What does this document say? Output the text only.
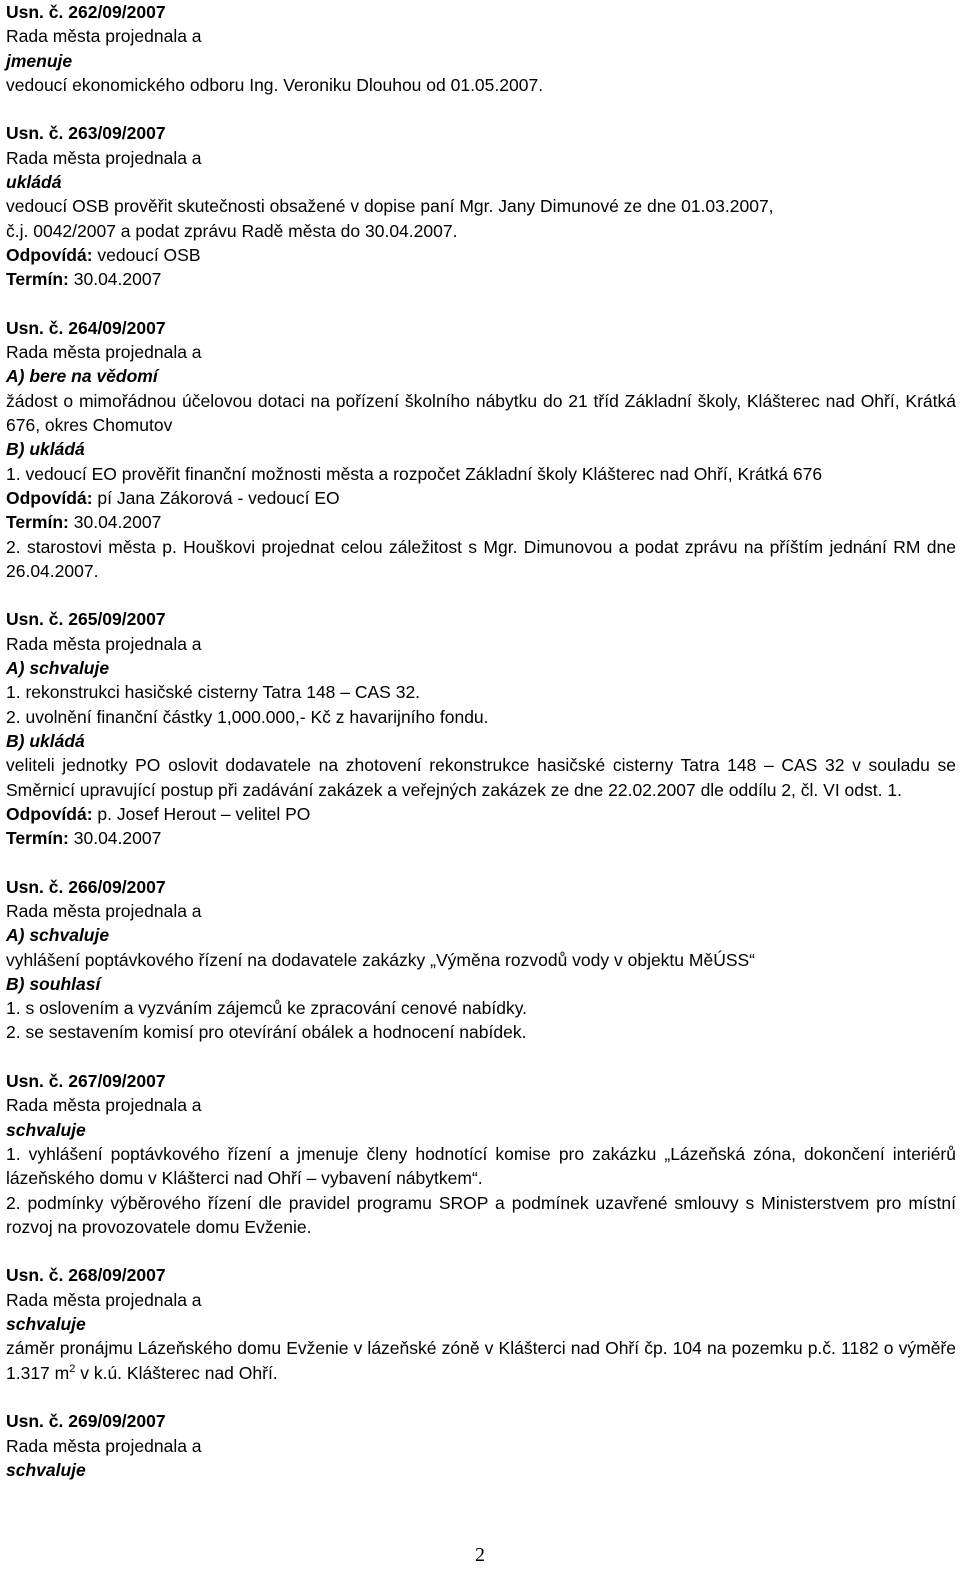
Usn. č. 262/09/2007
Rada města projednala a
jmenuje
vedoucí ekonomického odboru Ing. Veroniku Dlouhou od 01.05.2007.
Usn. č. 263/09/2007
Rada města projednala a
ukládá
vedoucí OSB prověřit skutečnosti obsažené v dopise paní Mgr. Jany Dimunové ze dne 01.03.2007,
č.j. 0042/2007 a podat zprávu Radě města do 30.04.2007.
Odpovídá: vedoucí OSB
Termín: 30.04.2007
Usn. č. 264/09/2007
Rada města projednala a
A) bere na vědomí
žádost o mimořádnou účelovou dotaci na pořízení školního nábytku do 21 tříd Základní školy, Klášterec nad Ohří, Krátká 676, okres Chomutov
B) ukládá
1. vedoucí EO prověřit finanční možnosti města a rozpočet Základní školy Klášterec nad Ohří, Krátká 676
Odpovídá: pí Jana Zákorová - vedoucí EO
Termín: 30.04.2007
2. starostovi města p. Houškovi projednat celou záležitost s Mgr. Dimunovou a podat zprávu na příštím jednání RM dne 26.04.2007.
Usn. č. 265/09/2007
Rada města projednala a
A) schvaluje
1. rekonstrukci hasičské cisterny Tatra 148 – CAS 32.
2. uvolnění finanční částky 1,000.000,- Kč z havarijního fondu.
B) ukládá
veliteli jednotky PO oslovit dodavatele na zhotovení rekonstrukce hasičské cisterny Tatra 148 – CAS 32 v souladu se Směrnicí upravující postup při zadávání zakázek a veřejných zakázek ze dne 22.02.2007 dle oddílu 2, čl. VI odst. 1.
Odpovídá: p. Josef Herout – velitel PO
Termín: 30.04.2007
Usn. č. 266/09/2007
Rada města projednala a
A) schvaluje
vyhlášení poptávkového řízení na dodavatele zakázky „Výměna rozvodů vody v objektu MěÚSS“
B) souhlasí
1. s oslovením a vyzváním zájemců ke zpracování cenové nabídky.
2. se sestavením komisí pro otevírání obálek a hodnocení nabídek.
Usn. č. 267/09/2007
Rada města projednala a
schvaluje
1. vyhlášení poptávkového řízení a jmenuje členy hodnotící komise pro zakázku „Lázeňská zóna, dokončení interiérů lázeňského domu v Klášterci nad Ohří – vybavení nábytkem“.
2. podmínky výběrového řízení dle pravidel programu SROP a podmínek uzavřené smlouvy s Ministerstvem pro místní rozvoj na provozovatele domu Evženie.
Usn. č. 268/09/2007
Rada města projednala a
schvaluje
záměr pronájmu Lázeňského domu Evženie v lázeňské zóně v Klášterci nad Ohří čp. 104 na pozemku p.č. 1182 o výměře 1.317 $m^2$ v k.ú. Klášterec nad Ohří.
Usn. č. 269/09/2007
Rada města projednala a
schvaluje
2
